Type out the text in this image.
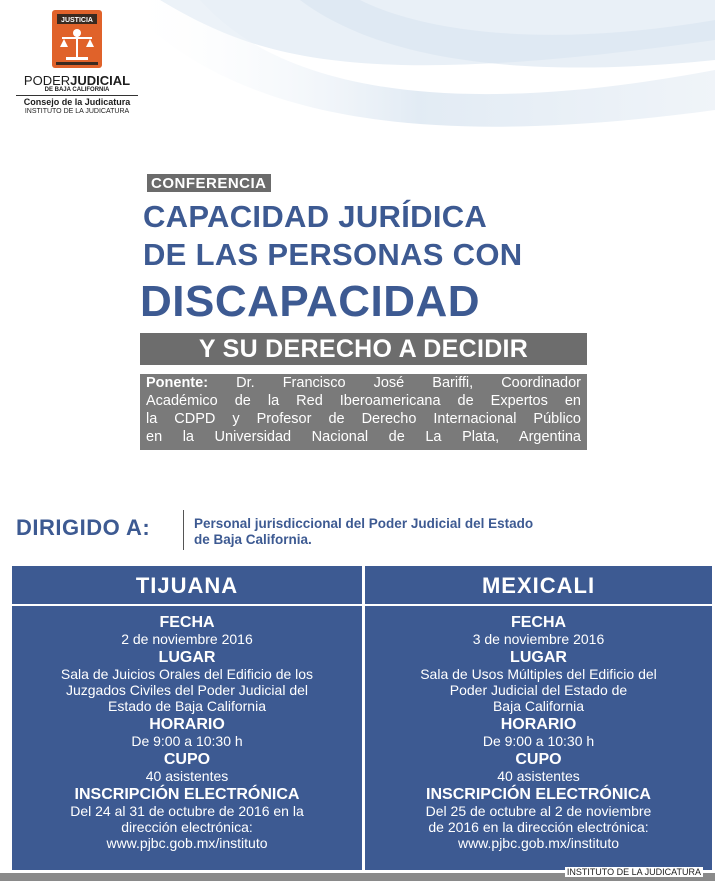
JUSTICIA
PODERJUDICIAL
DE BAJA CALIFORNIA
Consejo de la Judicatura
INSTITUTO DE LA JUDICATURA
CONFERENCIA
CAPACIDAD JURÍDICA
DE LAS PERSONAS CON
DISCAPACIDAD
Y SU DERECHO A DECIDIR
Ponente: Dr. Francisco José Bariffi, Coordinador
Académico de la Red Iberoamericana de Expertos en
la CDPD y Profesor de Derecho Internacional Público
en la Universidad Nacional de La Plata, Argentina
DIRIGIDO A:	Personal jurisdiccional del Poder Judicial del Estado
de Baja California.
TIJUANA
FECHA
2 de noviembre 2016
LUGAR
Sala de Juicios Orales del Edificio de los
Juzgados Civiles del Poder Judicial del
Estado de Baja California
HORARIO
De 9:00 a 10:30 h
CUPO
40 asistentes
INSCRIPCIÓN ELECTRÓNICA
Del 24 al 31 de octubre de 2016 en la
dirección electrónica:
www.pjbc.gob.mx/instituto
MEXICALI
FECHA
3 de noviembre 2016
LUGAR
Sala de Usos Múltiples del Edificio del
Poder Judicial del Estado de
Baja California
HORARIO
De 9:00 a 10:30 h
CUPO
40 asistentes
INSCRIPCIÓN ELECTRÓNICA
Del 25 de octubre al 2 de noviembre
de 2016 en la dirección electrónica:
www.pjbc.gob.mx/instituto
INSTITUTO DE LA JUDICATURA
